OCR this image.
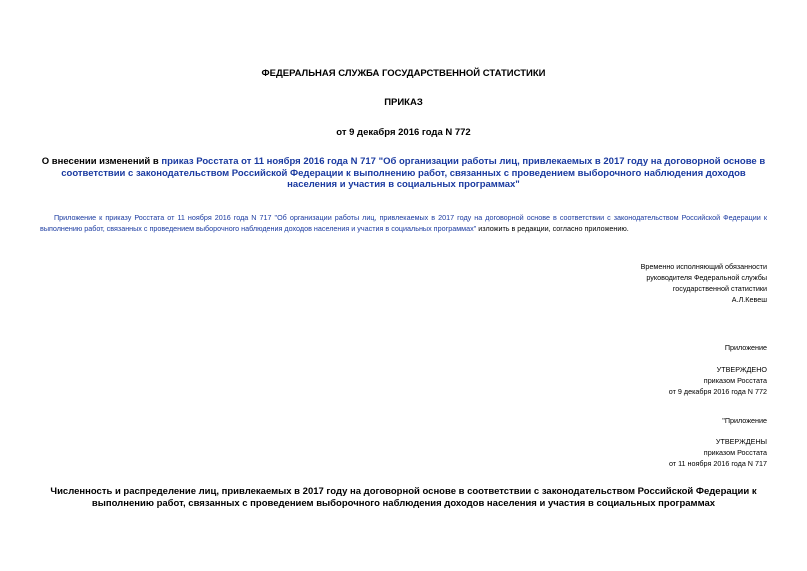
ФЕДЕРАЛЬНАЯ СЛУЖБА ГОСУДАРСТВЕННОЙ СТАТИСТИКИ
ПРИКАЗ
от 9 декабря 2016 года N 772
О внесении изменений в приказ Росстата от 11 ноября 2016 года N 717 "Об организации работы лиц, привлекаемых в 2017 году на договорной основе в соответствии с законодательством Российской Федерации к выполнению работ, связанных с проведением выборочного наблюдения доходов населения и участия в социальных программах"
Приложение к приказу Росстата от 11 ноября 2016 года N 717 "Об организации работы лиц, привлекаемых в 2017 году на договорной основе в соответствии с законодательством Российской Федерации к выполнению работ, связанных с проведением выборочного наблюдения доходов населения и участия в социальных программах" изложить в редакции, согласно приложению.
Временно исполняющий обязанности
руководителя Федеральной службы
государственной статистики
А.Л.Кевеш
Приложение
УТВЕРЖДЕНО
приказом Росстата
от 9 декабря 2016 года N 772
"Приложение
УТВЕРЖДЕНЫ
приказом Росстата
от 11 ноября 2016 года N 717
Численность и распределение лиц, привлекаемых в 2017 году на договорной основе в соответствии с законодательством Российской Федерации к выполнению работ, связанных с проведением выборочного наблюдения доходов населения и участия в социальных программах
